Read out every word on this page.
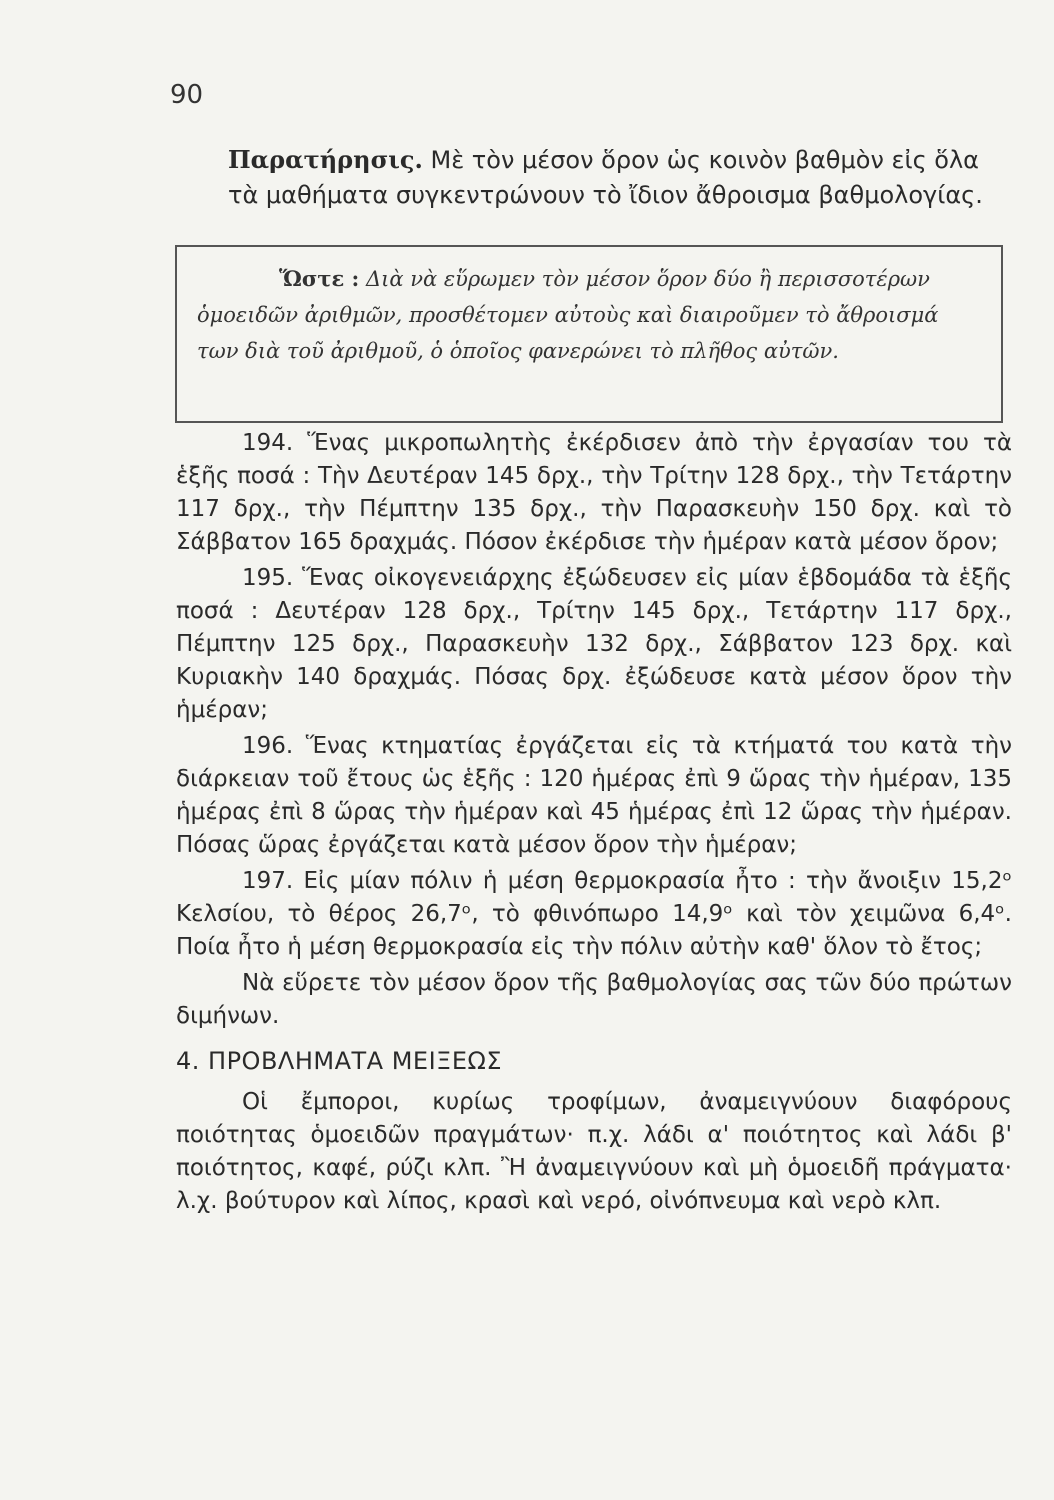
90
Παρατήρησις. Μὲ τὸν μέσον ὅρον ὡς κοινὸν βαθμὸν εἰς ὅλα τὰ μαθήματα συγκεντρώνουν τὸ ἴδιον ἄθροισμα βαθμολογίας.
Ὥστε : Διὰ νὰ εὕρωμεν τὸν μέσον ὅρον δύο ἢ περισσοτέρων ὁμοειδῶν ἀριθμῶν, προσθέτομεν αὐτοὺς καὶ διαιροῦμεν τὸ ἄθροισμά των διὰ τοῦ ἀριθμοῦ, ὁ ὁποῖος φανερώνει τὸ πλῆθος αὐτῶν.

194. Ἕνας μικροπωλητὴς ἐκέρδισεν ἀπὸ τὴν ἐργασίαν του τὰ ἑξῆς ποσά : Τὴν Δευτέραν 145 δρχ., τὴν Τρίτην 128 δρχ., τὴν Τετάρτην 117 δρχ., τὴν Πέμπτην 135 δρχ., τὴν Παρασκευὴν 150 δρχ. καὶ τὸ Σάββατον 165 δραχμάς. Πόσον ἐκέρδισε τὴν ἡμέραν κατὰ μέσον ὅρον;

195. Ἕνας οἰκογενειάρχης ἐξώδευσεν εἰς μίαν ἑβδομάδα τὰ ἑξῆς ποσά : Δευτέραν 128 δρχ., Τρίτην 145 δρχ., Τετάρτην 117 δρχ., Πέμπτην 125 δρχ., Παρασκευὴν 132 δρχ., Σάββατον 123 δρχ. καὶ Κυριακὴν 140 δραχμάς. Πόσας δρχ. ἐξώδευσε κατὰ μέσον ὅρον τὴν ἡμέραν;

196. Ἕνας κτηματίας ἐργάζεται εἰς τὰ κτήματά του κατὰ τὴν διάρκειαν τοῦ ἔτους ὡς ἑξῆς : 120 ἡμέρας ἐπὶ 9 ὥρας τὴν ἡμέραν, 135 ἡμέρας ἐπὶ 8 ὥρας τὴν ἡμέραν καὶ 45 ἡμέρας ἐπὶ 12 ὥρας τὴν ἡμέραν. Πόσας ὥρας ἐργάζεται κατὰ μέσον ὅρον τὴν ἡμέραν;

197. Εἰς μίαν πόλιν ἡ μέση θερμοκρασία ἦτο : τὴν ἄνοιξιν 15,2ᵒ Κελσίου, τὸ θέρος 26,7ᵒ, τὸ φθινόπωρο 14,9ᵒ καὶ τὸν χειμῶνα 6,4ᵒ. Ποία ἦτο ἡ μέση θερμοκρασία εἰς τὴν πόλιν αὐτὴν καθ' ὅλον τὸ ἔτος;

Νὰ εὕρετε τὸν μέσον ὅρον τῆς βαθμολογίας σας τῶν δύο πρώτων διμήνων.

4. ΠΡΟΒΛΗΜΑΤΑ ΜΕΙΞΕΩΣ

Οἱ ἔμποροι, κυρίως τροφίμων, ἀναμειγνύουν διαφόρους ποιότητας ὁμοειδῶν πραγμάτων· π.χ. λάδι α' ποιότητος καὶ λάδι β' ποιότητος, καφέ, ρύζι κλπ. Ἢ ἀναμειγνύουν καὶ μὴ ὁμοειδῆ πράγματα· λ.χ. βούτυρον καὶ λίπος, κρασὶ καὶ νερό, οἰνόπνευμα καὶ νερὸ κλπ.
